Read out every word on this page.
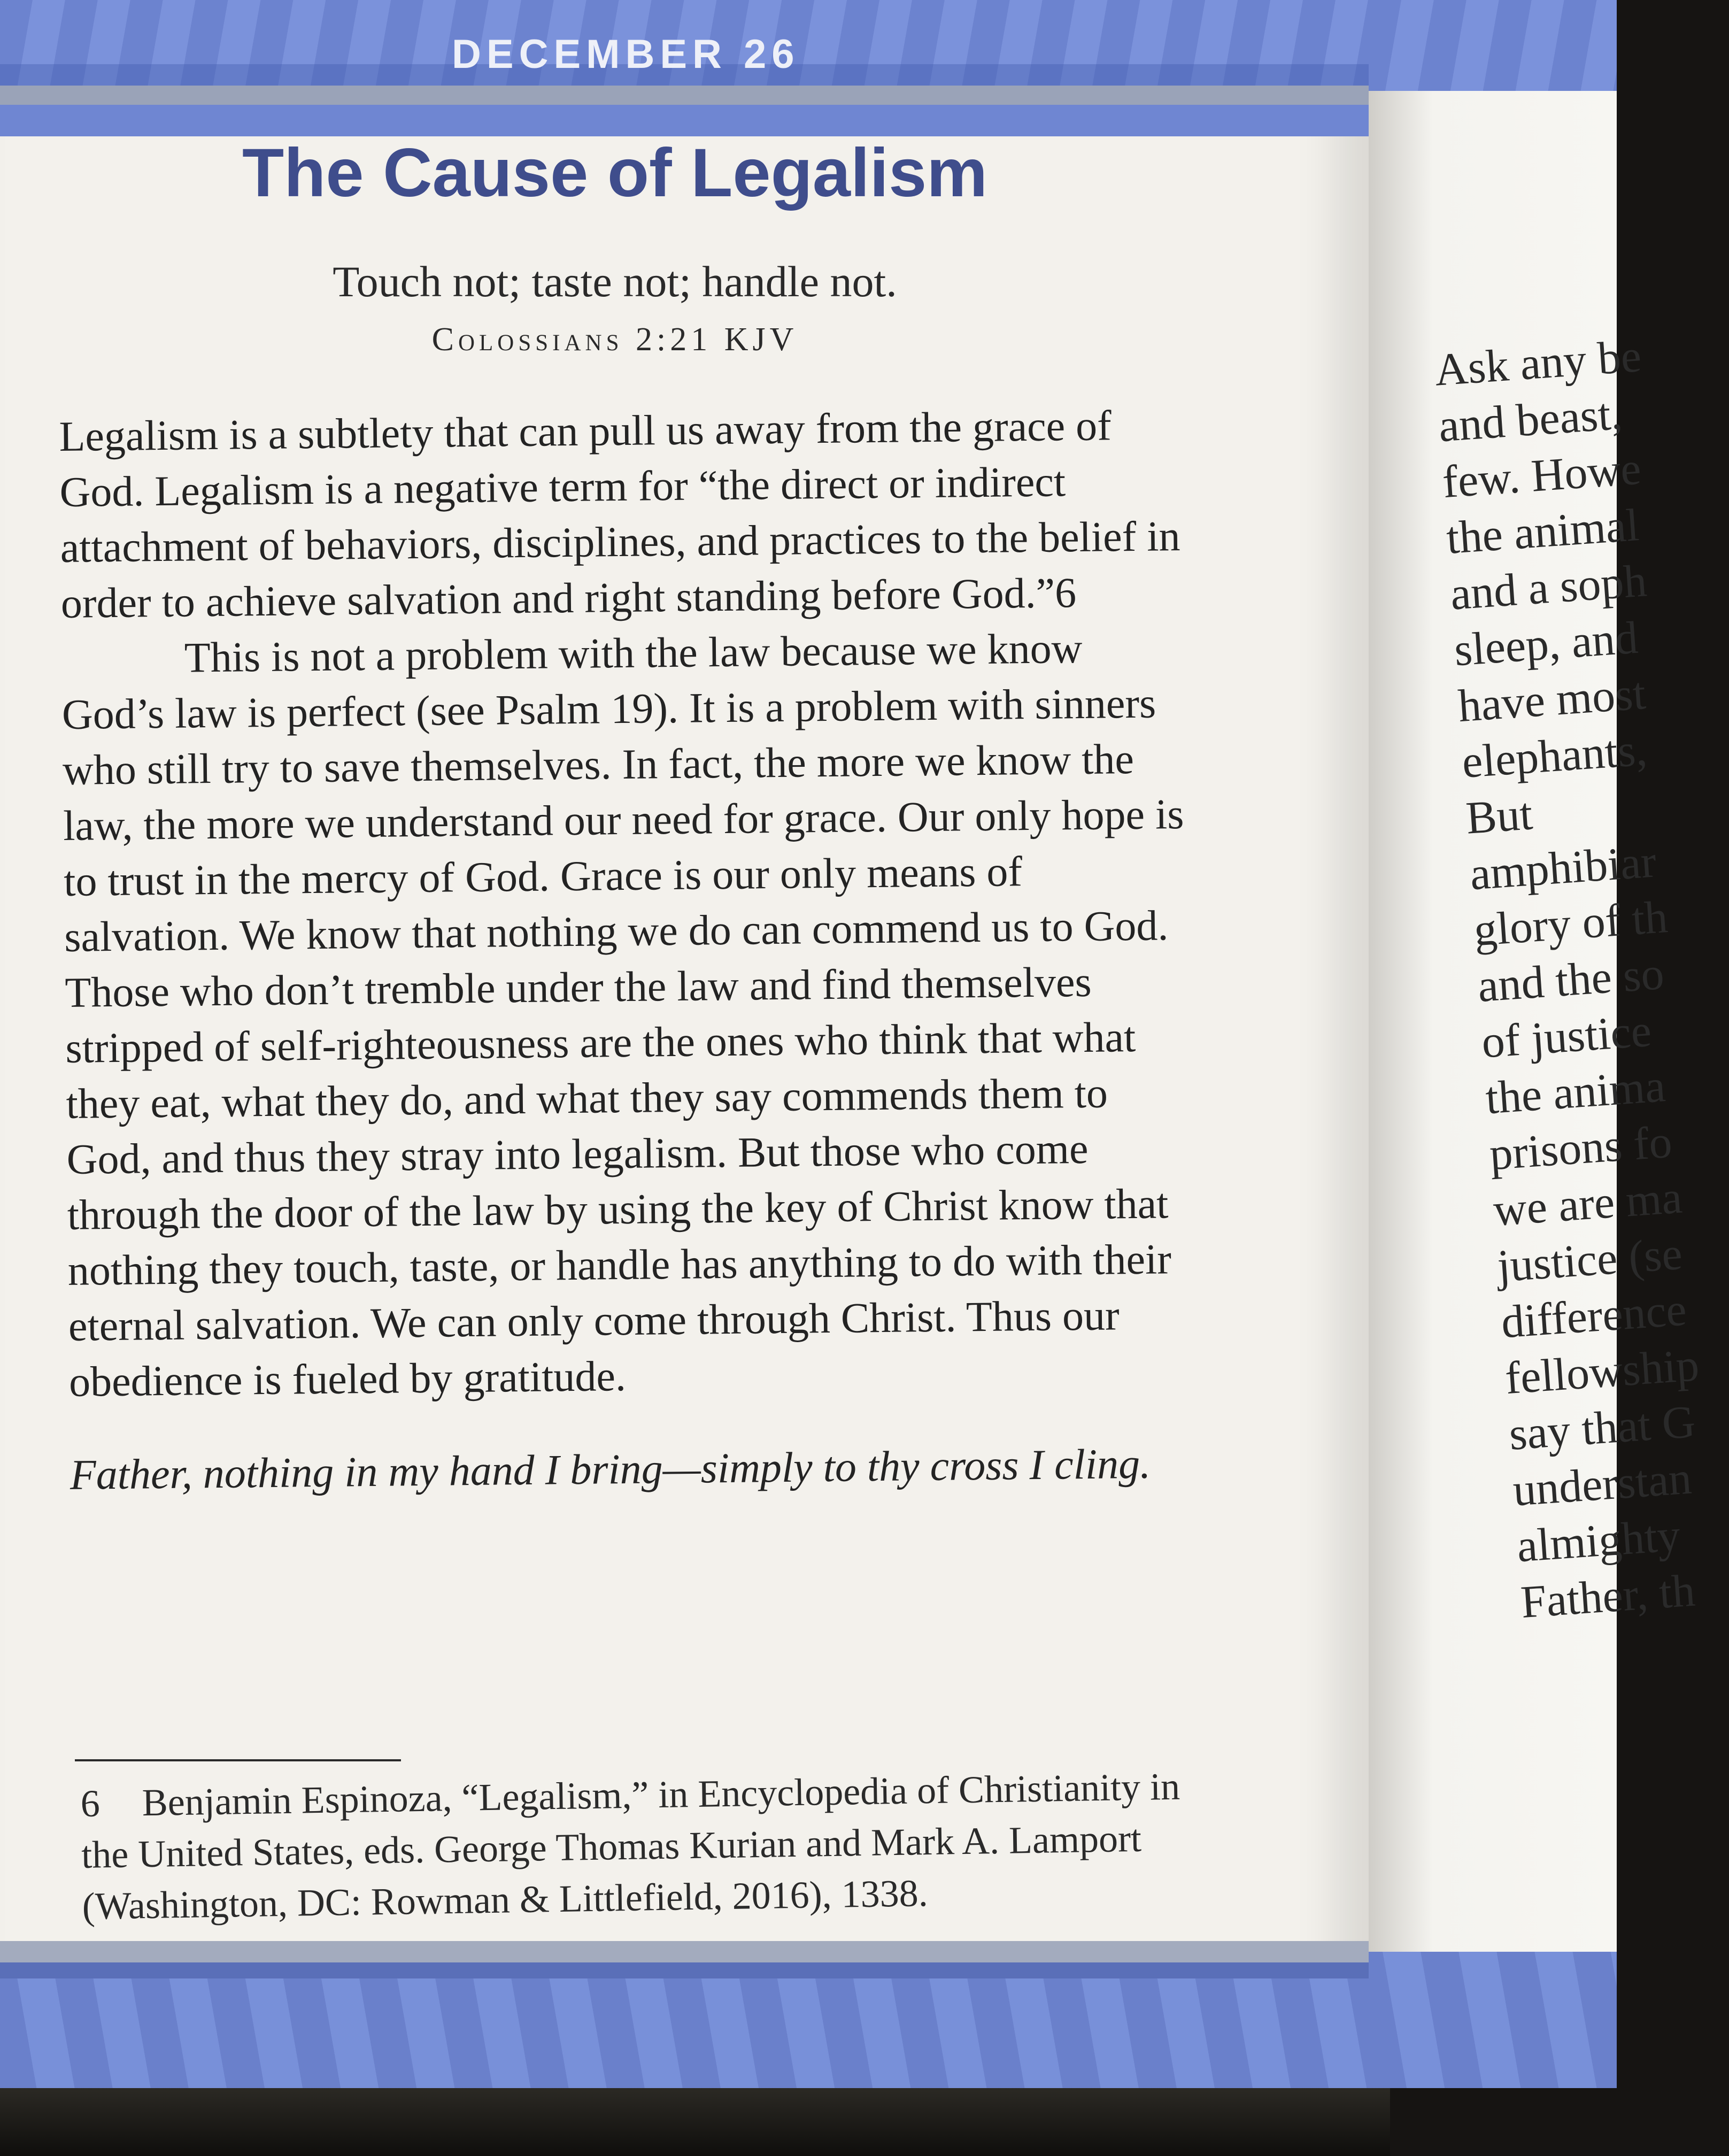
DECEMBER 26
The Cause of Legalism
Touch not; taste not; handle not.
Colossians 2:21 KJV

Legalism is a subtlety that can pull us away from the grace of God. Legalism is a negative term for “the direct or indirect attachment of behaviors, disciplines, and practices to the belief in order to achieve salvation and right standing before God.”6

This is not a problem with the law because we know God’s law is perfect (see Psalm 19). It is a problem with sinners who still try to save themselves. In fact, the more we know the law, the more we understand our need for grace. Our only hope is to trust in the mercy of God. Grace is our only means of salvation. We know that nothing we do can commend us to God. Those who don’t tremble under the law and find themselves stripped of self-righteousness are the ones who think that what they eat, what they do, and what they say commends them to God, and thus they stray into legalism. But those who come through the door of the law by using the key of Christ know that nothing they touch, taste, or handle has anything to do with their eternal salvation. We can only come through Christ. Thus our obedience is fueled by gratitude.

Father, nothing in my hand I bring—simply to thy cross I cling.

6 Benjamin Espinoza, “Legalism,” in Encyclopedia of Christianity in the United States, eds. George Thomas Kurian and Mark A. Lamport (Washington, DC: Rowman & Littlefield, 2016), 1338.
Ask any be
and beast,
few. Howe
the animal
and a soph
sleep, and
have most
elephants,
But
amphibiar
glory of th
and the so
of justice
the anima
prisons fo
we are ma
justice (se
difference
fellowship
say that G
understan
almighty
Father, th
